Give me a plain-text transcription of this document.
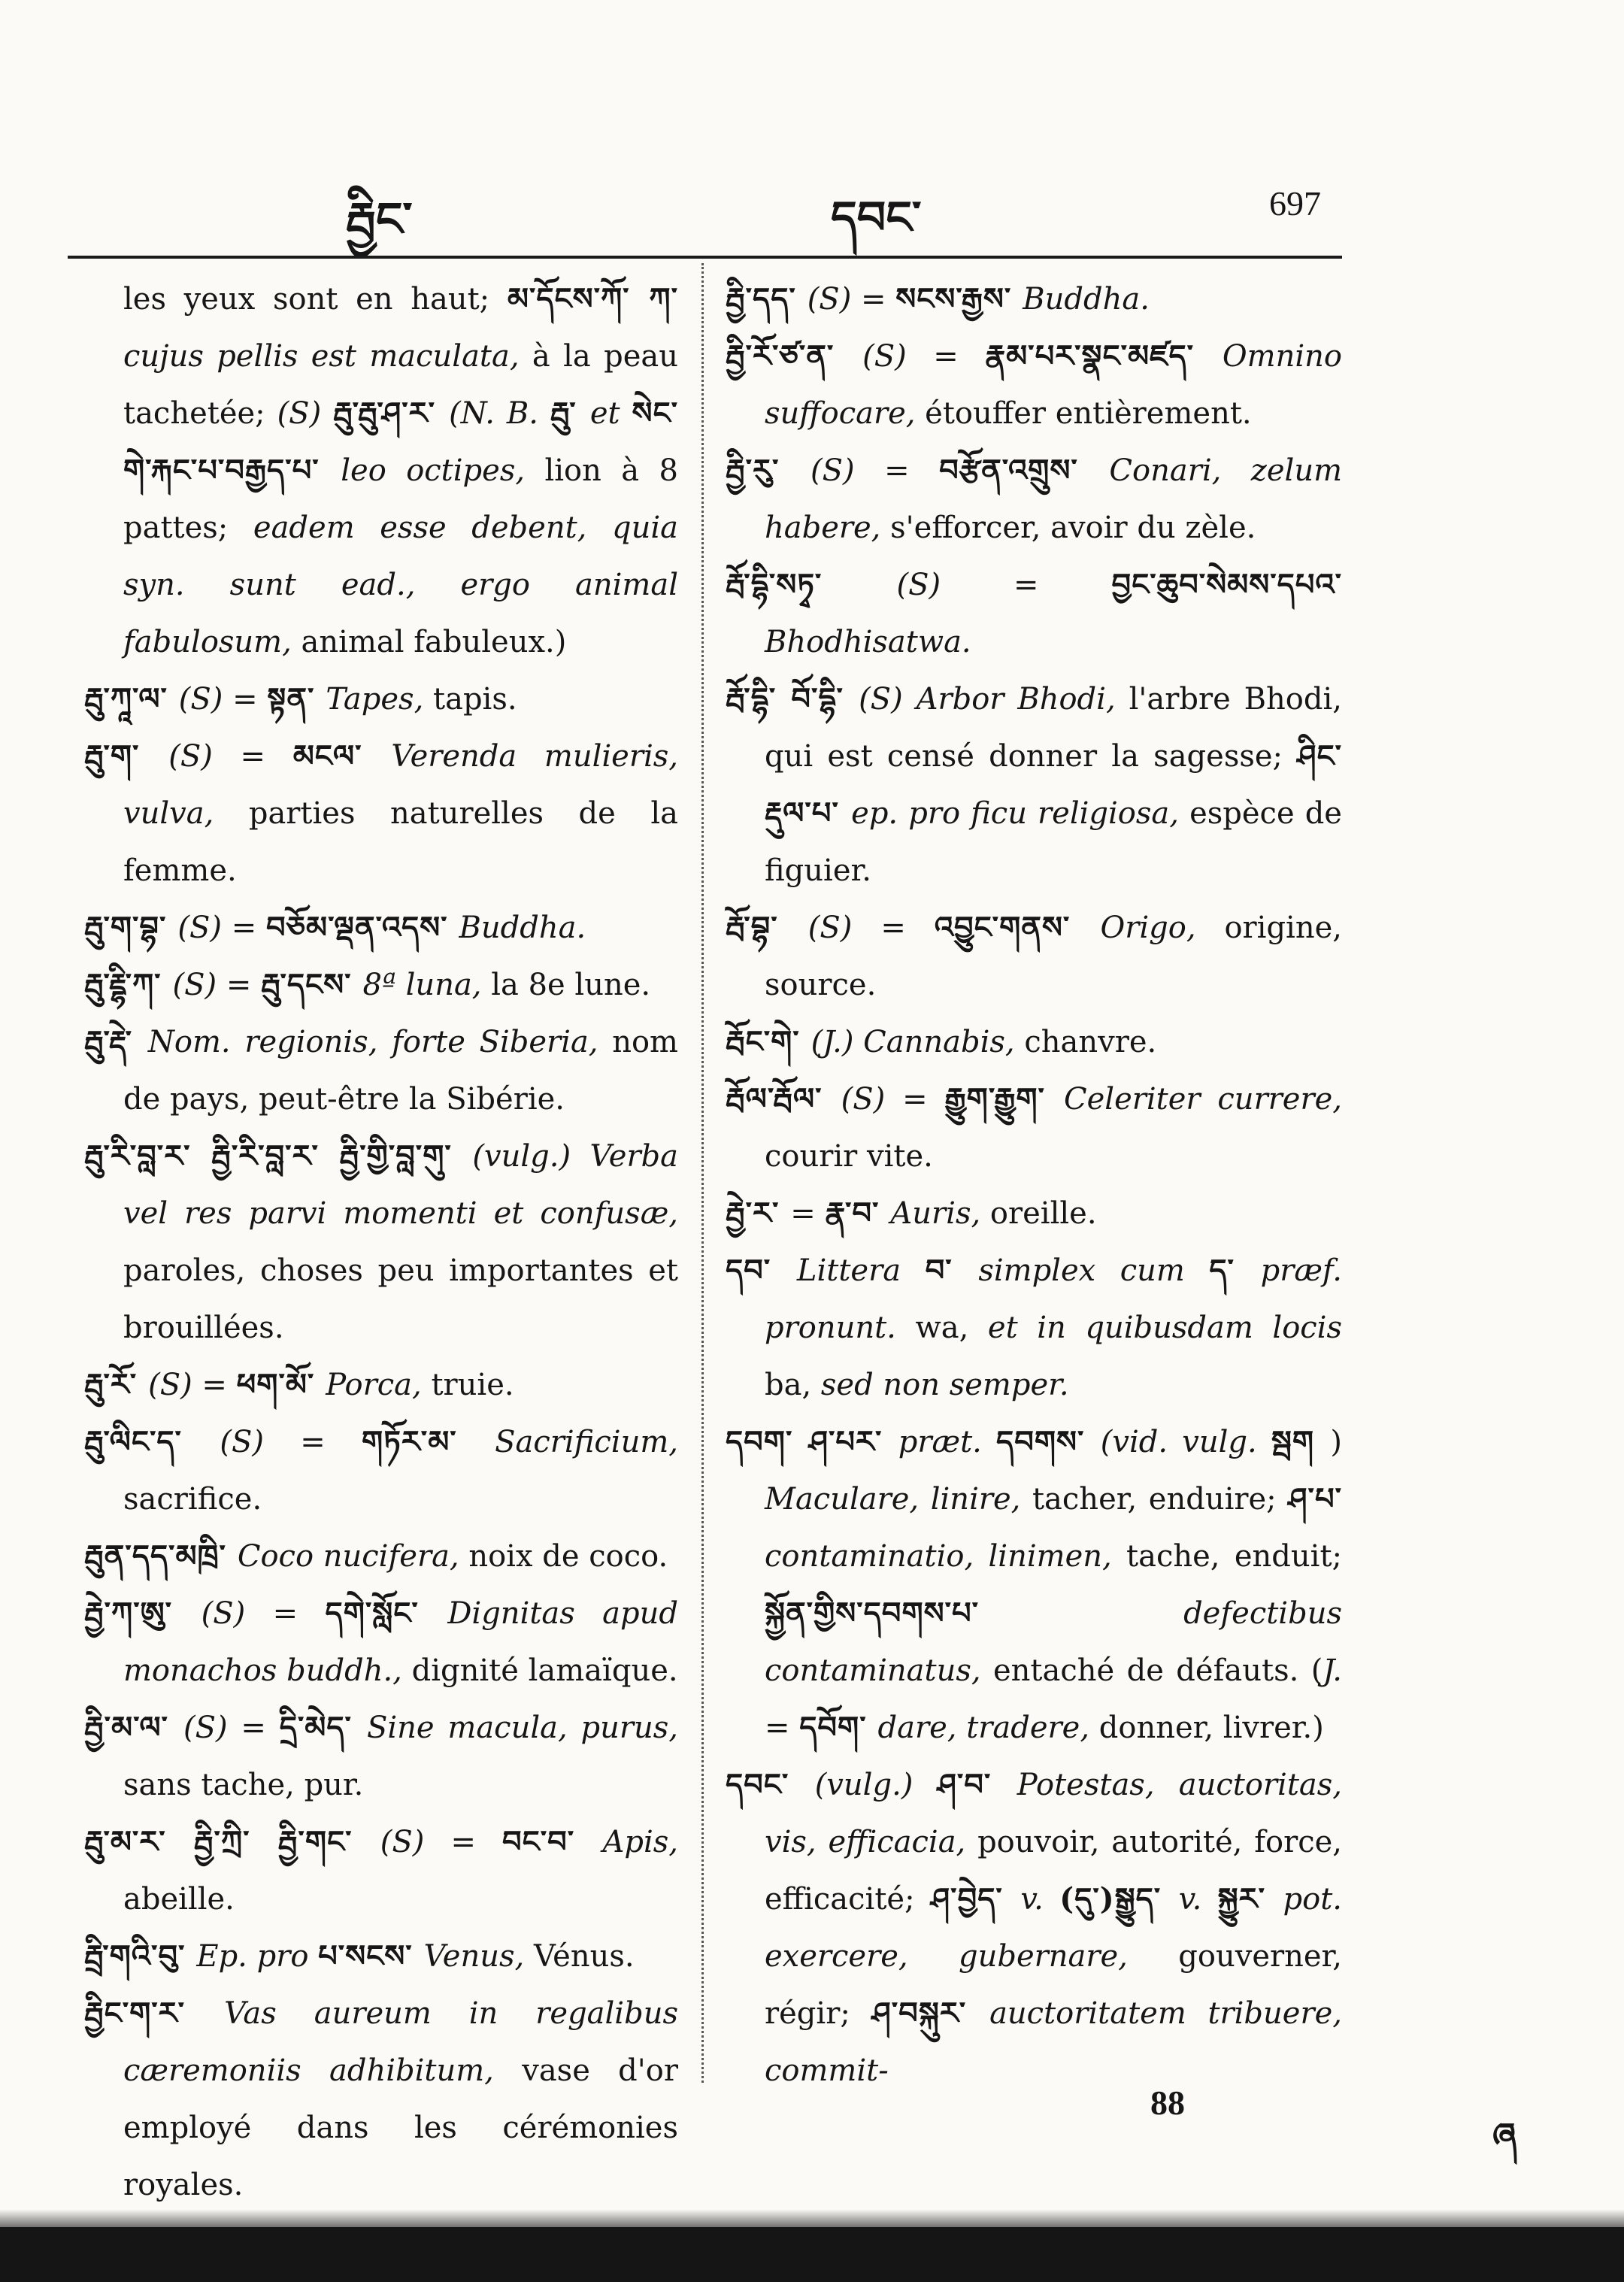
རྦྱིང་	དབང་	697
les yeux sont en haut; མ་དོངས་ཀོ་ ཀ་ cujus pellis est maculata, à la peau tachetée; (S) རྦུ་རྦུ་ཤ་ར་ (N. B. རྦུ་ et སེང་གེ་རྐང་པ་བརྒྱད་པ་ leo octipes, lion à 8 pattes; eadem esse debent, quia syn. sunt ead., ergo animal fabulosum, animal fabuleux.)
རྦུ་ཀཱ་ལ་ (S) = སྟན་ Tapes, tapis.
རྦུ་ག་ (S) = མངལ་ Verenda mulieris, vulva, parties naturelles de la femme.
རྦུ་ག་བྷ་ (S) = བཅོམ་ལྡན་འདས་ Buddha.
རྦུ་རྡྷི་ཀ་ (S) = རྦུ་དངས་ 8ª luna, la 8e lune.
རྦུ་རྡེ་ Nom. regionis, forte Siberia, nom de pays, peut-être la Sibérie.
རྦུ་རི་བླ་ར་ རྦྱི་རི་བླ་ར་ རྦྱི་གྱི་བླ་གུ་ (vulg.) Verba vel res parvi momenti et confusæ, paroles, choses peu importantes et brouillées.
རྦུ་རོ་ (S) = ཕག་མོ་ Porca, truie.
རྦུ་ལིང་ད་ (S) = གཏོར་མ་ Sacrificium, sacrifice.
རྦུན་དད་མཁྲི་ Coco nucifera, noix de coco.
རྦྱེ་ཀ་ཨུ་ (S) = དགེ་སློང་ Dignitas apud monachos buddh., dignité lamaïque.
རྦྱི་མ་ལ་ (S) = དྲི་མེད་ Sine macula, purus, sans tache, pur.
རྦུ་མ་ར་ རྦྱི་ཀྲི་ རྦྱི་གང་ (S) = བང་བ་ Apis, abeille.
རྦྲི་གའི་བུ་ Ep. pro པ་སངས་ Venus, Vénus.
རྦྱིང་ག་ར་ Vas aureum in regalibus cæremoniis adhibitum, vase d'or employé dans les cérémonies royales.
རྦྱི་དད་ (S) = སངས་རྒྱས་ Buddha.
རྦྱི་རོ་ཙ་ན་ (S) = རྣམ་པར་སྣང་མཛད་ Omnino suffocare, étouffer entièrement.
རྦྱི་རུ་ (S) = བརྩོན་འགྲུས་ Conari, zelum habere, s'efforcer, avoir du zèle.
རྦོ་དྷི་སཏྭ་ (S) = བྱང་ཆུབ་སེམས་དཔའ་ Bhodhisatwa.
རྦོ་དྷི་ བོ་དྷི་ (S) Arbor Bhodi, l'arbre Bhodi, qui est censé donner la sagesse; ཤིང་རྡུལ་པ་ ep. pro ficu religiosa, espèce de figuier.
རྦོ་བྷ་ (S) = འབྱུང་གནས་ Origo, origine, source.
རྦོང་གེ་ (J.) Cannabis, chanvre.
རྦོལ་རྦོལ་ (S) = རྒྱུག་རྒྱུག་ Celeriter currere, courir vite.
རྦྱེ་ར་ = རྣ་བ་ Auris, oreille.
དབ་ Littera བ་ simplex cum ད་ præf. pronunt. wa, et in quibusdam locis ba, sed non semper.
དབག་ ཤ་པར་ præt. དབགས་ (vid. vulg. སྦག ) Maculare, linire, tacher, enduire; ཤ་པ་ contaminatio, linimen, tache, enduit; སྐྱོན་གྱིས་དབགས་པ་ defectibus contaminatus, entaché de défauts. (J. = དབོག་ dare, tradere, donner, livrer.)
དབང་ (vulg.) ཤ་བ་ Potestas, auctoritas, vis, efficacia, pouvoir, autorité, force, efficacité; ཤ་བྱེད་ v. (དུ་)སྒྱུད་ v. སྐྱུར་ pot. exercere, gubernare, gouverner, régir; ཤ་བསྐུར་ auctoritatem tribuere, commit-
88
ཞ
